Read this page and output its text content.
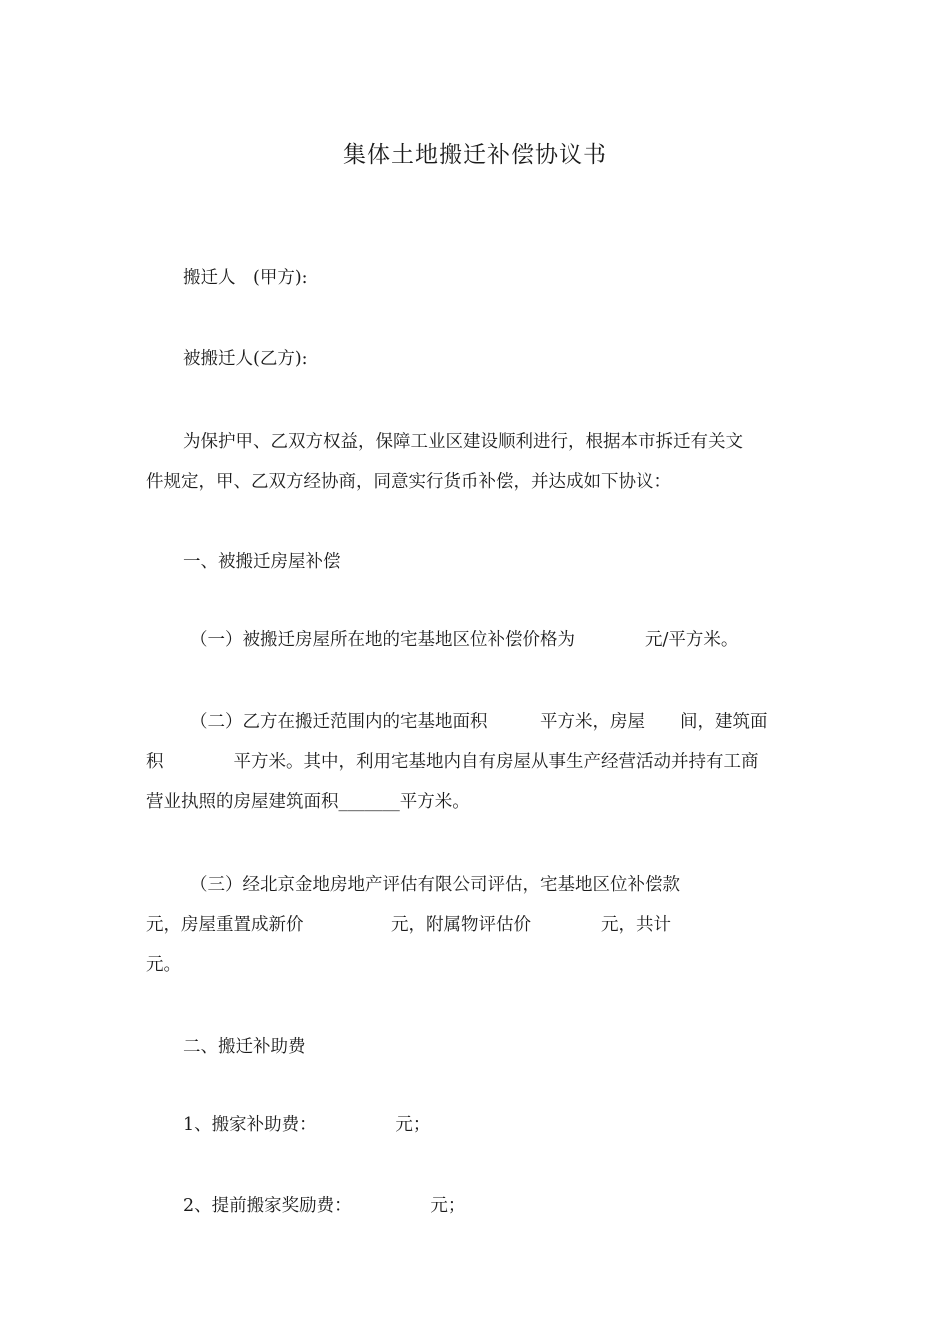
集体土地搬迁补偿协议书
搬迁人　(甲方):
被搬迁人(乙方):
为保护甲、乙双方权益，保障工业区建设顺利进行，根据本市拆迁有关文
件规定，甲、乙双方经协商，同意实行货币补偿，并达成如下协议：
一、被搬迁房屋补偿
（一）被搬迁房屋所在地的宅基地区位补偿价格为　　　　元/平方米。
（二）乙方在搬迁范围内的宅基地面积　　　平方米，房屋　　间，建筑面
积　　　　平方米。其中，利用宅基地内自有房屋从事生产经营活动并持有工商
营业执照的房屋建筑面积_______平方米。
（三）经北京金地房地产评估有限公司评估，宅基地区位补偿款
元，房屋重置成新价　　　　　元，附属物评估价　　　　元，共计
元。
二、搬迁补助费
1、搬家补助费：　　　　　元；
2、提前搬家奖励费：　　　　　元；
